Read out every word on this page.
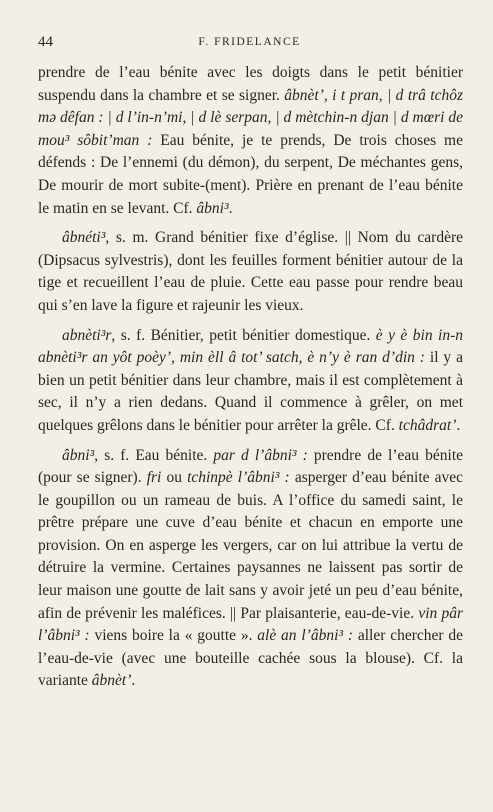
44	F. FRIDELANCE

prendre de l’eau bénite avec les doigts dans le petit bénitier suspendu dans la chambre et se signer. âbnèt’, i t pran, | d trâ tchôz mə dêfan : | d l’in-n’mi, | d lè serpan, | d mètchin-n djan | d mœri de mou³ sôbit’man : Eau bénite, je te prends, De trois choses me défends : De l’ennemi (du démon), du serpent, De méchantes gens, De mourir de mort subite-(ment). Prière en prenant de l’eau bénite le matin en se levant. Cf. âbni³.

âbnéti³, s. m. Grand bénitier fixe d’église. || Nom du cardère (Dipsacus sylvestris), dont les feuilles forment bénitier autour de la tige et recueillent l’eau de pluie. Cette eau passe pour rendre beau qui s’en lave la figure et rajeunir les vieux.

abnèti³r, s. f. Bénitier, petit bénitier domestique. è y è bin in-n abnèti³r an yôt poèy’, min èll â tot’ satch, è n’y è ran d’din : il y a bien un petit bénitier dans leur chambre, mais il est complètement à sec, il n’y a rien dedans. Quand il commence à grêler, on met quelques grêlons dans le bénitier pour arrêter la grêle. Cf. tchâdrat’.

âbni³, s. f. Eau bénite. par d l’âbni³ : prendre de l’eau bénite (pour se signer). fri ou tchinpè l’âbni³ : asperger d’eau bénite avec le goupillon ou un rameau de buis. A l’office du samedi saint, le prêtre prépare une cuve d’eau bénite et chacun en emporte une provision. On en asperge les vergers, car on lui attribue la vertu de détruire la vermine. Certaines paysannes ne laissent pas sortir de leur maison une goutte de lait sans y avoir jeté un peu d’eau bénite, afin de prévenir les maléfices. || Par plaisanterie, eau-de-vie. vin pâr l’âbni³ : viens boire la « goutte ». alè an l’âbni³ : aller chercher de l’eau-de-vie (avec une bouteille cachée sous la blouse). Cf. la variante âbnèt’.
